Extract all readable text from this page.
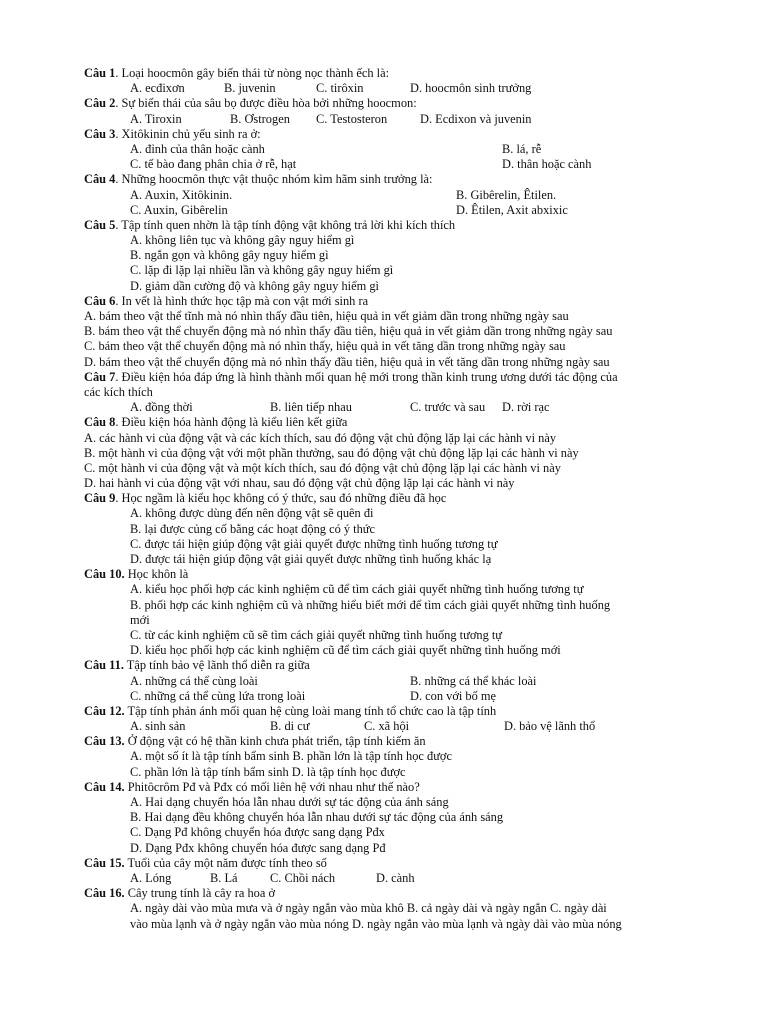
Câu 1. Loại hoocmôn gây biến thái từ nòng nọc thành ếch là:
A. ecđixơn	B. juvenin	C. tirôxin	D. hoocmôn sinh trưởng
Câu 2. Sự biến thái của sâu bọ được điều hòa bởi những hoocmon:
A. Tiroxin	B. Ơstrogen C. Testosteron	D. Ecdixon và juvenin
Câu 3. Xitôkinin chủ yếu sinh ra ở:
A. đỉnh của thân hoặc cành	B. lá, rễ
C. tế bào đang phân chia ở rễ, hạt	D. thân hoặc cành
Câu 4. Những hoocmôn thực vật thuộc nhóm kìm hãm sinh trưởng là:
A. Auxin, Xitôkinin.	B. Gibêrelin, Êtilen.
C. Auxin, Gibêrelin	D. Êtilen, Axit abxixic
Câu 5. Tập tính quen nhờn là tập tính động vật không trả lời khi kích thích
A. không liên tục và không gây nguy hiểm gì
B. ngắn gọn và không gây nguy hiểm gì
C. lặp đi lặp lại nhiều lần và không gây nguy hiểm gì
D. giảm dần cường độ và không gây nguy hiểm gì
Câu 6. In vết là hình thức học tập mà con vật mới sinh ra
A. bám theo vật thể tĩnh mà nó nhìn thấy đầu tiên, hiệu quả in vết giảm dần trong những ngày sau
B. bám theo vật thể chuyển động mà nó nhìn thấy đầu tiên, hiệu quả in vết giảm dần trong những ngày sau
C. bám theo vật thể chuyển động mà nó nhìn thấy, hiệu quả in vết tăng dần trong những ngày sau
D. bám theo vật thể chuyển động mà nó nhìn thấy đầu tiên, hiệu quả in vết tăng dần trong những ngày sau
Câu 7. Điều kiện hóa đáp ứng là hình thành mối quan hệ mới trong thần kinh trung ương dưới tác động của
các kích thích
A. đồng thời	B. liên tiếp nhau	C. trước và sau D. rời rạc
Câu 8. Điều kiện hóa hành động là kiểu liên kết giữa
A. các hành vi của động vật và các kích thích, sau đó động vật chủ động lặp lại các hành vi này
B. một hành vi của động vật với một phần thưởng, sau đó động vật chủ động lặp lại các hành vi này
C. một hành vi của động vật và một kích thích, sau đó động vật chủ động lặp lại các hành vi này
D. hai hành vi của động vật với nhau, sau đó động vật chủ động lặp lại các hành vi này
Câu 9. Học ngầm là kiểu học không có ý thức, sau đó những điều đã học
A. không được dùng đến nên động vật sẽ quên đi
B. lại được củng cố bằng các hoạt động có ý thức
C. được tái hiện giúp động vật giải quyết được những tình huống tương tự
D. được tái hiện giúp động vật giải quyết được những tình huống khác lạ
Câu 10. Học khôn là
A. kiểu học phối hợp các kinh nghiệm cũ để tìm cách giải quyết những tình huống tương tự
B. phối hợp các kinh nghiệm cũ và những hiểu biết mới để tìm cách giải quyết những tình huống
mới
C. từ các kinh nghiệm cũ sẽ tìm cách giải quyết những tình huống tương tự
D. kiểu học phối hợp các kinh nghiệm cũ để tìm cách giải quyết những tình huống mới
Câu 11. Tập tính bảo vệ lãnh thổ diễn ra giữa
A. những cá thể cùng loài	B. những cá thể khác loài
C. những cá thể cùng lứa trong loài	D. con với bố mẹ
Câu 12. Tập tính phản ánh mối quan hệ cùng loài mang tính tổ chức cao là tập tính
A. sinh sản	B. di cư	C. xã hội	D. bảo vệ lãnh thổ
Câu 13. Ở động vật có hệ thần kinh chưa phát triển, tập tính kiếm ăn
A. một số ít là tập tính bẩm sinh B. phần lớn là tập tính học được
C. phần lớn là tập tính bẩm sinh D. là tập tính học được
Câu 14. Phitôcrôm Pđ và Pđx có mối liên hệ với nhau như thế nào?
A. Hai dạng chuyển hóa lẫn nhau dưới sự tác động của ánh sáng
B. Hai dạng đều không chuyển hóa lẫn nhau dưới sự tác động của ánh sáng
C. Dạng Pđ không chuyển hóa được sang dạng Pđx
D. Dạng Pđx không chuyển hóa được sang dạng Pđ
Câu 15. Tuổi của cây một năm được tính theo số
A. Lóng	B. Lá	C. Chồi nách	D. cành
Câu 16. Cây trung tính là cây ra hoa ở
A. ngày dài vào mùa mưa và ở ngày ngắn vào mùa khô B. cả ngày dài và ngày ngắn C. ngày dài
vào mùa lạnh và ở ngày ngắn vào mùa nóng D. ngày ngắn vào mùa lạnh và ngày dài vào mùa nóng
